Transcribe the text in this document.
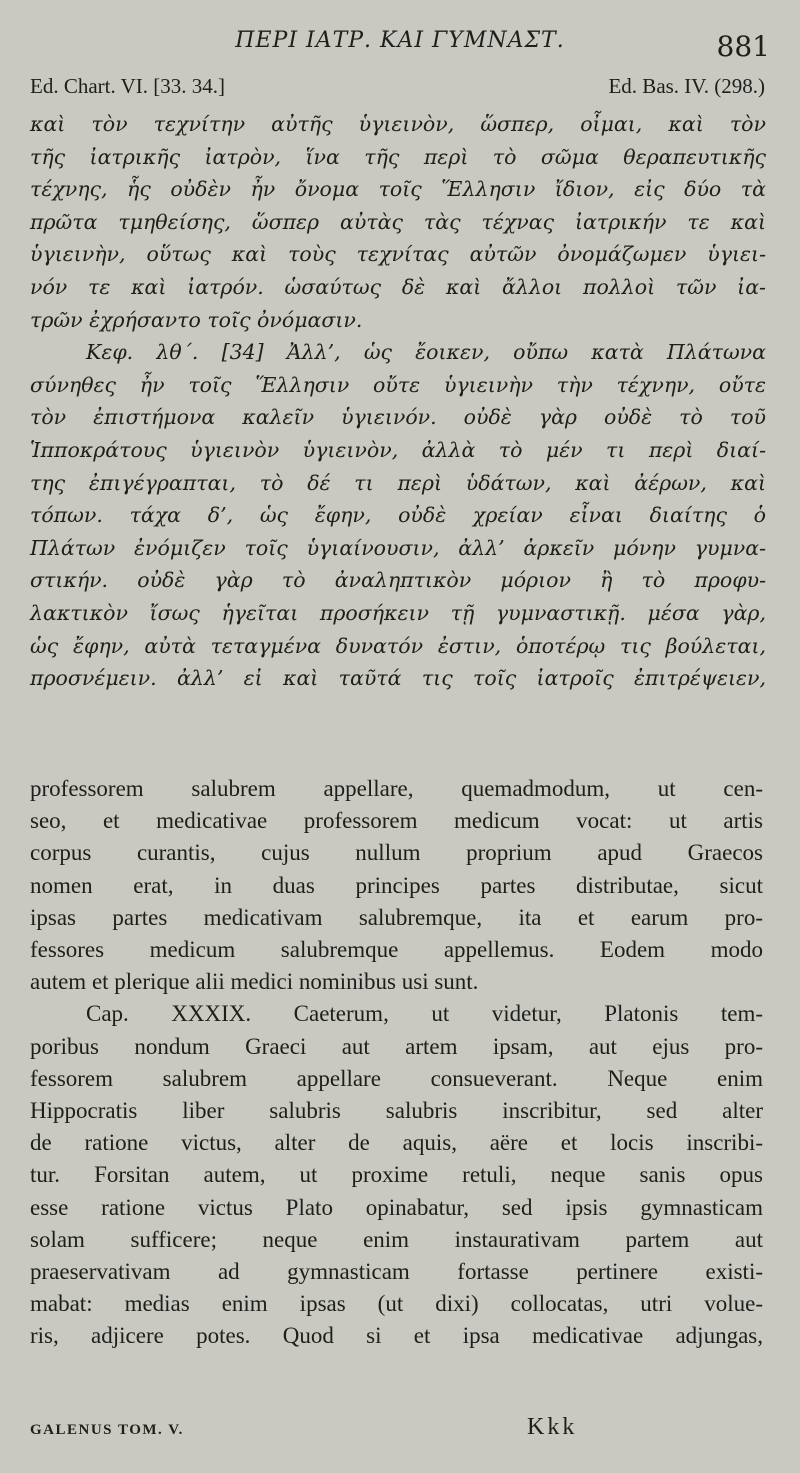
ΠΕΡΙ ΙΑΤΡ. ΚΑΙ ΓΥΜΝΑΣΤ.	881
Ed. Chart. VI. [33. 34.]	Ed. Bas. IV. (298.)
καὶ τὸν τεχνίτην αὐτῆς ὑγιεινὸν, ὥσπερ, οἶμαι, καὶ τὸν
τῆς ἰατρικῆς ἰατρὸν, ἵνα τῆς περὶ τὸ σῶμα θεραπευτικῆς
τέχνης, ἧς οὐδὲν ἦν ὄνομα τοῖς Ἕλλησιν ἴδιον, εἰς δύο τὰ
πρῶτα τμηθείσης, ὥσπερ αὐτὰς τὰς τέχνας ἰατρικήν τε καὶ
ὑγιεινὴν, οὕτως καὶ τοὺς τεχνίτας αὐτῶν ὀνομάζωμεν ὑγιει-
νόν τε καὶ ἰατρόν. ὡσαύτως δὲ καὶ ἄλλοι πολλοὶ τῶν ἰα-
τρῶν ἐχρήσαντο τοῖς ὀνόμασιν.
Κεφ. λθ΄. [34] Ἀλλ’, ὡς ἔοικεν, οὔπω κατὰ Πλάτωνα
σύνηθες ἦν τοῖς Ἕλλησιν οὔτε ὑγιεινὴν τὴν τέχνην, οὔτε
τὸν ἐπιστήμονα καλεῖν ὑγιεινόν. οὐδὲ γὰρ οὐδὲ τὸ τοῦ
Ἱπποκράτους ὑγιεινὸν ὑγιεινὸν, ἀλλὰ τὸ μέν τι περὶ διαί-
της ἐπιγέγραπται, τὸ δέ τι περὶ ὑδάτων, καὶ ἀέρων, καὶ
τόπων. τάχα δ’, ὡς ἔφην, οὐδὲ χρείαν εἶναι διαίτης ὁ
Πλάτων ἐνόμιζεν τοῖς ὑγιαίνουσιν, ἀλλ’ ἀρκεῖν μόνην γυμνα-
στικήν. οὐδὲ γὰρ τὸ ἀναληπτικὸν μόριον ἢ τὸ προφυ-
λακτικὸν ἴσως ἡγεῖται προσήκειν τῇ γυμναστικῇ. μέσα γὰρ,
ὡς ἔφην, αὐτὰ τεταγμένα δυνατόν ἐστιν, ὁποτέρῳ τις βούλεται,
προσνέμειν. ἀλλ’ εἰ καὶ ταῦτά τις τοῖς ἰατροῖς ἐπιτρέψειεν,
professorem salubrem appellare, quemadmodum, ut cen-
seo, et medicativae professorem medicum vocat: ut artis
corpus curantis, cujus nullum proprium apud Graecos
nomen erat, in duas principes partes distributae, sicut
ipsas partes medicativam salubremque, ita et earum pro-
fessores medicum salubremque appellemus. Eodem modo
autem et plerique alii medici nominibus usi sunt.
Cap. XXXIX. Caeterum, ut videtur, Platonis tem-
poribus nondum Graeci aut artem ipsam, aut ejus pro-
fessorem salubrem appellare consueverant. Neque enim
Hippocratis liber salubris salubris inscribitur, sed alter
de ratione victus, alter de aquis, aëre et locis inscribi-
tur. Forsitan autem, ut proxime retuli, neque sanis opus
esse ratione victus Plato opinabatur, sed ipsis gymnasticam
solam sufficere; neque enim instaurativam partem aut
praeservativam ad gymnasticam fortasse pertinere existi-
mabat: medias enim ipsas (ut dixi) collocatas, utri volue-
ris, adjicere potes. Quod si et ipsa medicativae adjungas,
GALENUS TOM. V.	Kkk
